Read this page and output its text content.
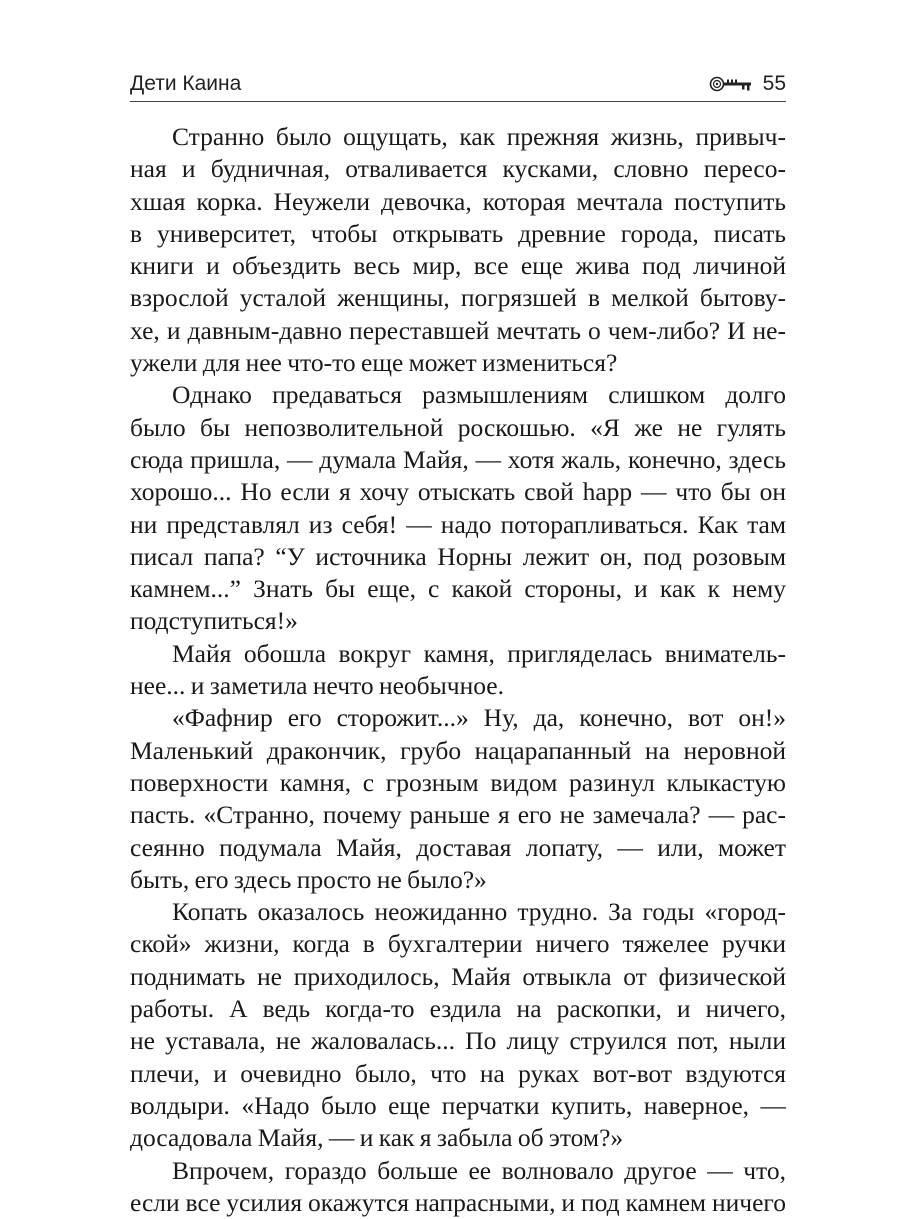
Дети Каина	55

Странно было ощущать, как прежняя жизнь, привыч-

ная и будничная, отваливается кусками, словно пересо-

хшая корка. Неужели девочка, которая мечтала поступить

в университет, чтобы открывать древние города, писать

книги и объездить весь мир, все еще жива под личиной

взрослой усталой женщины, погрязшей в мелкой бытову-

хе, и давным-давно переставшей мечтать о чем-либо? И не-

ужели для нее что-то еще может измениться?

Однако предаваться размышлениям слишком долго

было бы непозволительной роскошью. «Я же не гулять

сюда пришла, — думала Майя, — хотя жаль, конечно, здесь

хорошо... Но если я хочу отыскать свой happ — что бы он

ни представлял из себя! — надо поторапливаться. Как там

писал папа? “У источника Норны лежит он, под розовым

камнем...” Знать бы еще, с какой стороны, и как к нему

подступиться!»

Майя обошла вокруг камня, пригляделась вниматель-

нее... и заметила нечто необычное.

«Фафнир его сторожит...» Ну, да, конечно, вот он!»

Маленький дракончик, грубо нацарапанный на неровной

поверхности камня, с грозным видом разинул клыкастую

пасть. «Странно, почему раньше я его не замечала? — рас-

сеянно подумала Майя, доставая лопату, — или, может

быть, его здесь просто не было?»

Копать оказалось неожиданно трудно. За годы «город-

ской» жизни, когда в бухгалтерии ничего тяжелее ручки

поднимать не приходилось, Майя отвыкла от физической

работы. А ведь когда-то ездила на раскопки, и ничего,

не уставала, не жаловалась... По лицу струился пот, ныли

плечи, и очевидно было, что на руках вот-вот вздуются

волдыри. «Надо было еще перчатки купить, наверное, —

досадовала Майя, — и как я забыла об этом?»

Впрочем, гораздо больше ее волновало другое — что,

если все усилия окажутся напрасными, и под камнем ничего
